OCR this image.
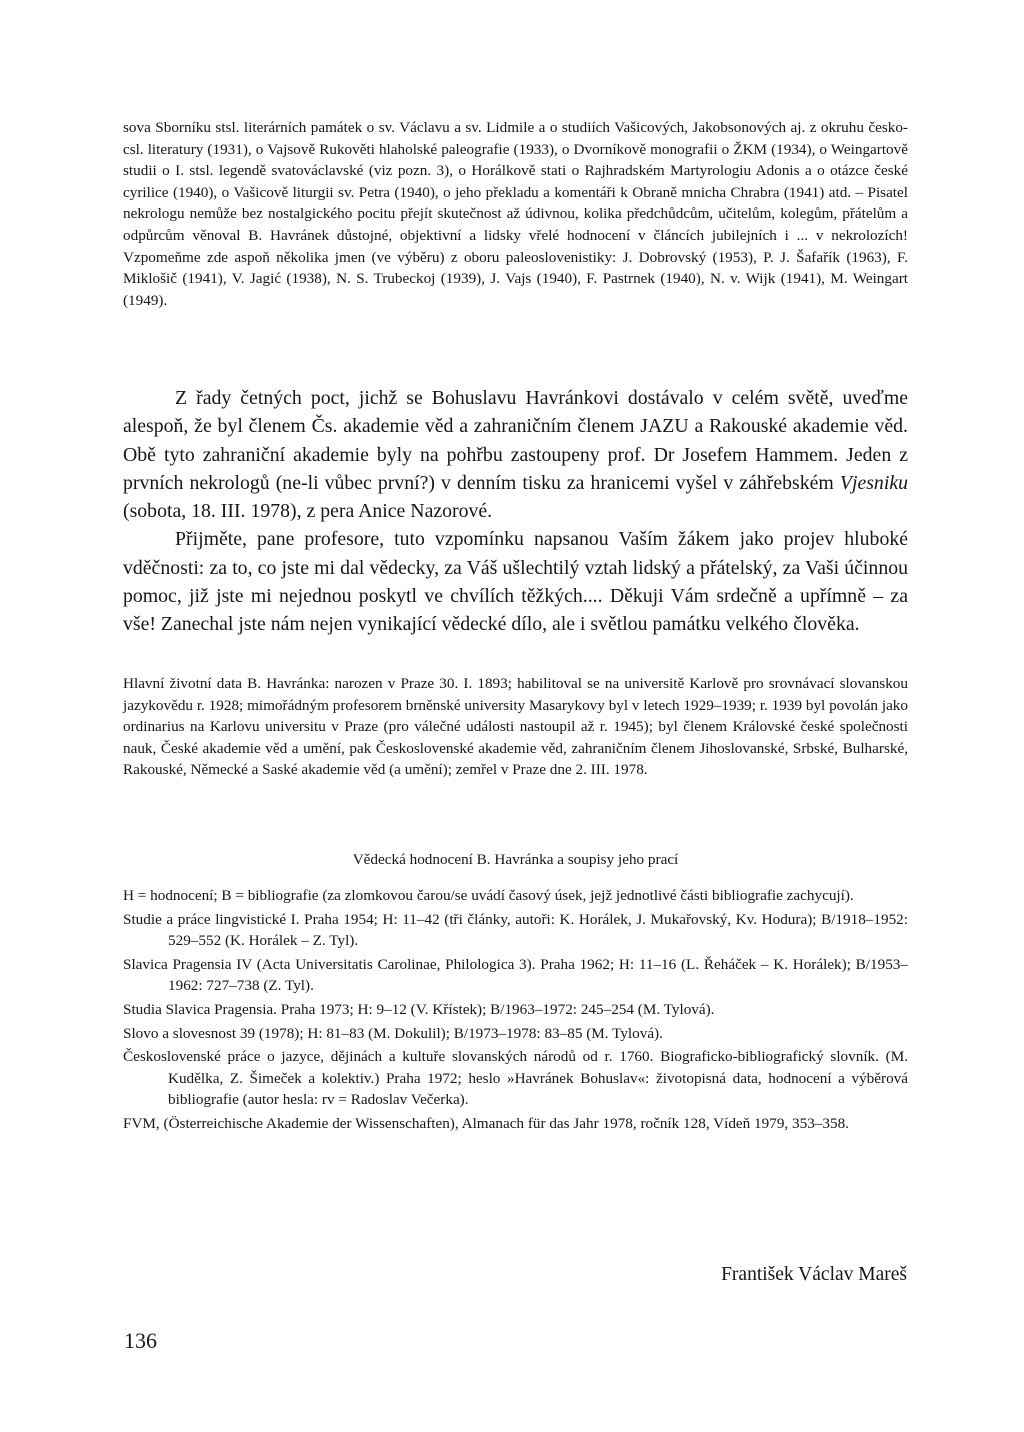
sova Sborníku stsl. literárních památek o sv. Václavu a sv. Lidmile a o studiích Vašicových, Jakobsonových aj. z okruhu česko-csl. literatury (1931), o Vajsově Rukověti hlaholské paleografie (1933), o Dvorníkově monografii o ŽKM (1934), o Weingartově studii o I. stsl. legendě svatováclavské (viz pozn. 3), o Horálkově stati o Rajhradském Martyrologiu Adonis a o otázce české cyrilice (1940), o Vašicově liturgii sv. Petra (1940), o jeho překladu a komentáři k Obraně mnicha Chrabra (1941) atd. – Pisatel nekrologu nemůže bez nostalgického pocitu přejít skutečnost až údivnou, kolika předchůdcům, učitelům, kolegům, přátelům a odpůrcům věnoval B. Havránek důstojné, objektivní a lidsky vřelé hodnocení v článcích jubilejních i ... v nekrolozích! Vzpomeňme zde aspoň několika jmen (ve výběru) z oboru paleoslovenistiky: J. Dobrovský (1953), P. J. Šafařík (1963), F. Miklošič (1941), V. Jagić (1938), N. S. Trubeckoj (1939), J. Vajs (1940), F. Pastrnek (1940), N. v. Wijk (1941), M. Weingart (1949).

Z řady četných poct, jichž se Bohuslavu Havránkovi dostávalo v celém světě, uveďme alespoň, že byl členem Čs. akademie věd a zahraničním členem JAZU a Rakouské akademie věd. Obě tyto zahraniční akademie byly na pohřbu zastoupeny prof. Dr Josefem Hammem. Jeden z prvních nekrologů (ne-li vůbec první?) v denním tisku za hranicemi vyšel v záhřebském Vjesniku (sobota, 18. III. 1978), z pera Anice Nazorové.

Přijměte, pane profesore, tuto vzpomínku napsanou Vaším žákem jako projev hluboké vděčnosti: za to, co jste mi dal vědecky, za Váš ušlechtilý vztah lidský a přátelský, za Vaši účinnou pomoc, již jste mi nejednou poskytl ve chvílích těžkých.... Děkuji Vám srdečně a upřímně – za vše! Zanechal jste nám nejen vynikající vědecké dílo, ale i světlou památku velkého člověka.

Hlavní životní data B. Havránka: narozen v Praze 30. I. 1893; habilitoval se na universitě Karlově pro srovnávací slovanskou jazykovědu r. 1928; mimořádným profesorem brněnské university Masarykovy byl v letech 1929–1939; r. 1939 byl povolán jako ordinarius na Karlovu universitu v Praze (pro válečné události nastoupil až r. 1945); byl členem Královské české společnosti nauk, České akademie věd a umění, pak Československé akademie věd, zahraničním členem Jihoslovanské, Srbské, Bulharské, Rakouské, Německé a Saské akademie věd (a umění); zemřel v Praze dne 2. III. 1978.

Vědecká hodnocení B. Havránka a soupisy jeho prací

H = hodnocení; B = bibliografie (za zlomkovou čarou/se uvádí časový úsek, jejž jednotlivé části bibliografie zachycují).

Studie a práce lingvistické I. Praha 1954; H: 11–42 (tři články, autoři: K. Horálek, J. Mukařovský, Kv. Hodura); B/1918–1952: 529–552 (K. Horálek – Z. Tyl).

Slavica Pragensia IV (Acta Universitatis Carolinae, Philologica 3). Praha 1962; H: 11–16 (L. Řeháček – K. Horálek); B/1953–1962: 727–738 (Z. Tyl).

Studia Slavica Pragensia. Praha 1973; H: 9–12 (V. Křístek); B/1963–1972: 245–254 (M. Tylová).

Slovo a slovesnost 39 (1978); H: 81–83 (M. Dokulil); B/1973–1978: 83–85 (M. Tylová).

Československé práce o jazyce, dějinách a kultuře slovanských národů od r. 1760. Biograficko-bibliografický slovník. (M. Kudělka, Z. Šimeček a kolektiv.) Praha 1972; heslo »Havránek Bohuslav«: životopisná data, hodnocení a výběrová bibliografie (autor hesla: rv = Radoslav Večerka).

FVM, (Österreichische Akademie der Wissenschaften), Almanach für das Jahr 1978, ročník 128, Vídeň 1979, 353–358.

František Václav Mareš
136
